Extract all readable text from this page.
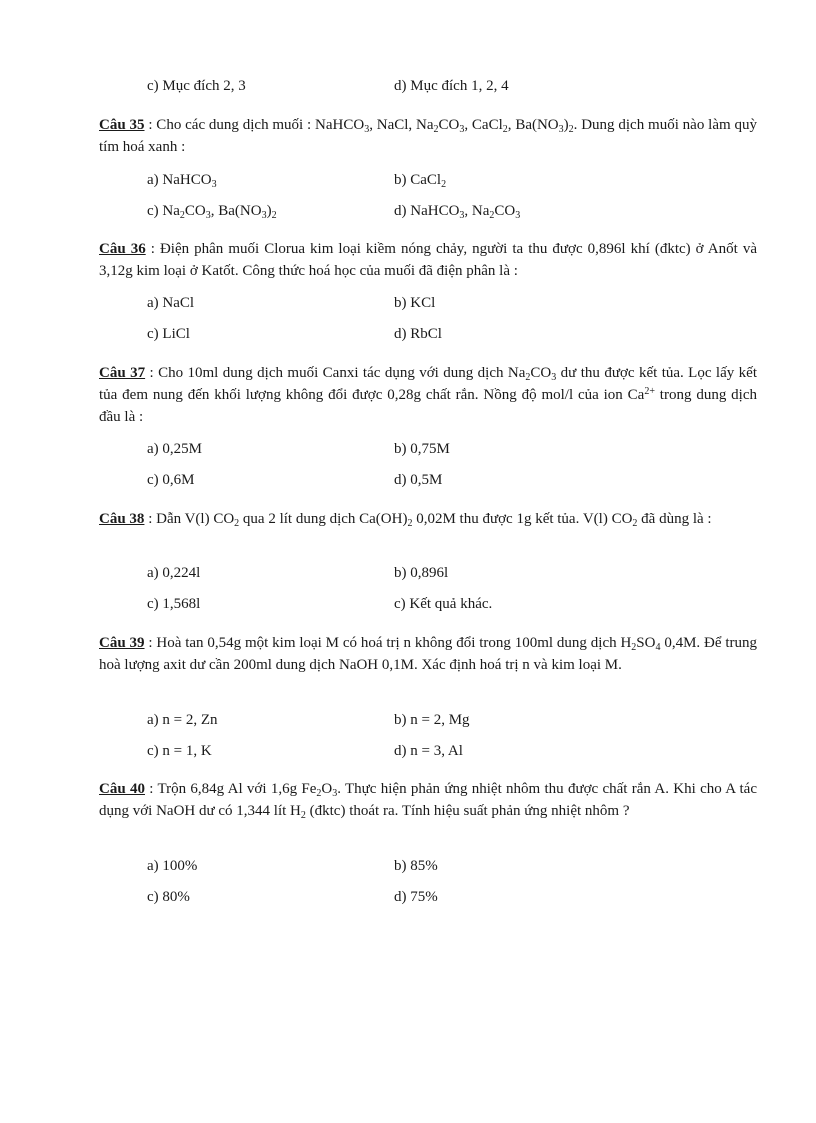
c) Mục đích 2, 3	d) Mục đích 1, 2, 4
Câu 35 : Cho các dung dịch muối : NaHCO$_3$, NaCl, $Na_2CO_3$, CaCl$_2$, $Ba(NO_3)_2$. Dung dịch muối nào làm quỳ tím hoá xanh :
a) NaHCO$_3$	b) CaCl$_2$
c) $Na_2CO_3$, $Ba(NO_3)_2$	d) NaHCO$_3$, $Na_2CO_3$
Câu 36 : Điện phân muối Clorua kim loại kiềm nóng chảy, người ta thu được 0,896l khí (đktc) ở Anốt và 3,12g kim loại ở Katốt. Công thức hoá học của muối đã điện phân là :
a) NaCl	b) KCl
c) LiCl	d) RbCl
Câu 37 : Cho 10ml dung dịch muối Canxi tác dụng với dung dịch $Na_2CO_3$ dư thu được kết tủa. Lọc lấy kết tủa đem nung đến khối lượng không đổi được 0,28g chất rắn. Nồng độ mol/l của ion $Ca^{2+}$ trong dung dịch đầu là :
a) 0,25M	b) 0,75M
c) 0,6M	d) 0,5M
Câu 38 : Dẫn V(l) $CO_2$ qua 2 lít dung dịch $Ca(OH)_2$ 0,02M thu được 1g kết tủa. V(l) $CO_2$ đã dùng là :
a) 0,224l	b) 0,896l
c) 1,568l	c) Kết quả khác.
Câu 39 : Hoà tan 0,54g một kim loại M có hoá trị n không đổi trong 100ml dung dịch $H_2SO_4$ 0,4M. Để trung hoà lượng axit dư cần 200ml dung dịch NaOH 0,1M. Xác định hoá trị n và kim loại M.
a) n = 2, Zn	b) n = 2, Mg
c) n = 1, K	d) n = 3, Al
Câu 40 : Trộn 6,84g Al với 1,6g $Fe_2O_3$. Thực hiện phản ứng nhiệt nhôm thu được chất rắn A. Khi cho A tác dụng với NaOH dư có 1,344 lít $H_2$ (đktc) thoát ra. Tính hiệu suất phản ứng nhiệt nhôm ?
a) 100%	b) 85%
c) 80%	d) 75%
